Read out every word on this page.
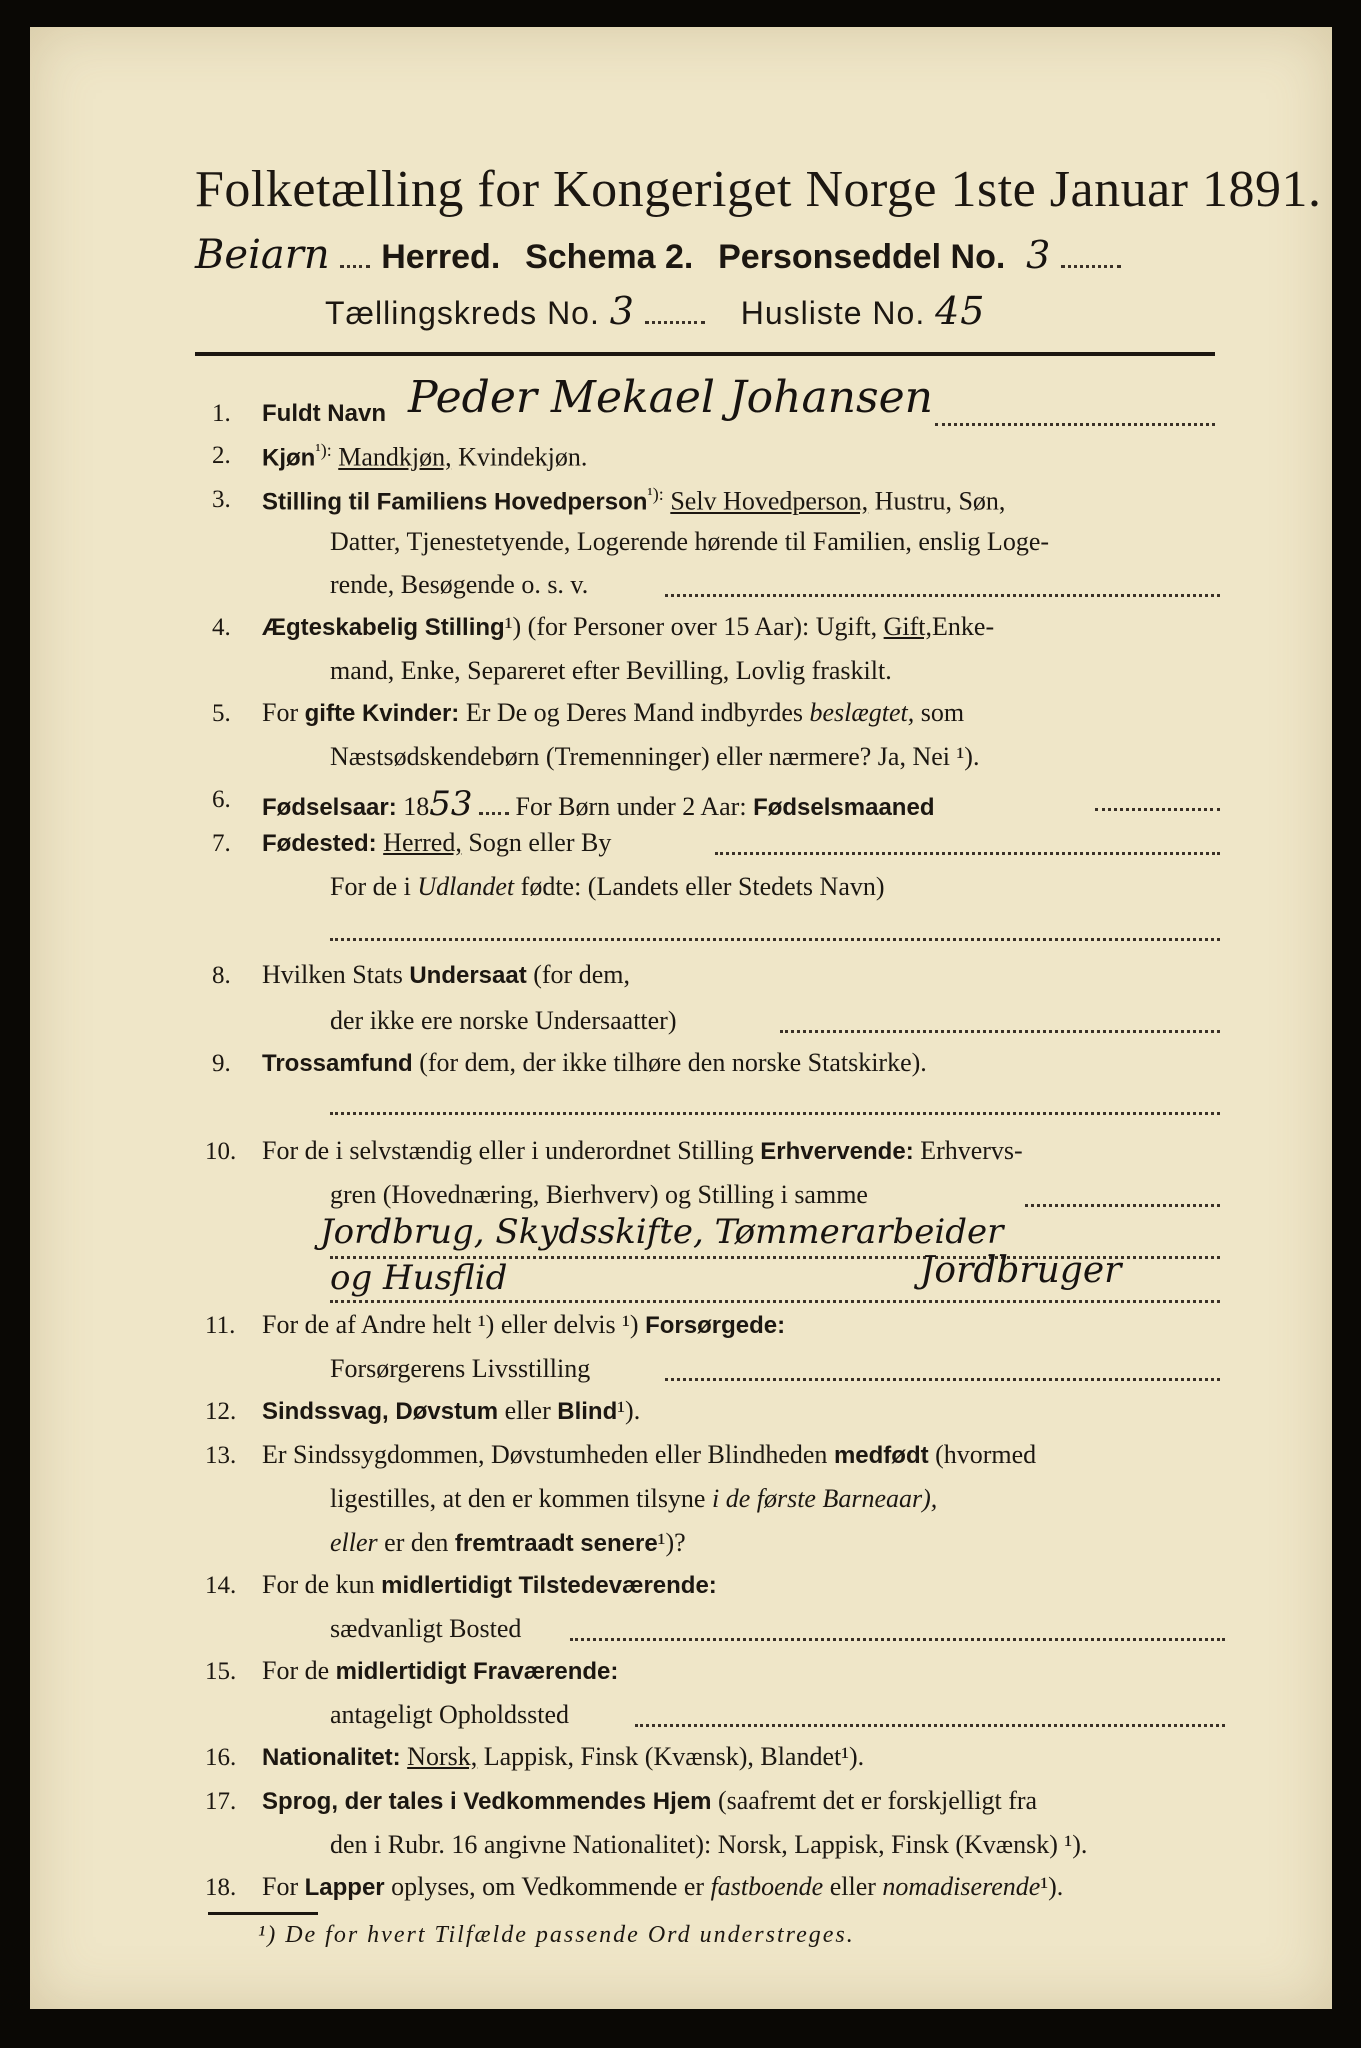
Folketælling for Kongeriget Norge 1ste Januar 1891.
Beiarn Herred. Schema 2. Personseddel No. 3
Tællingskreds No. 3	Husliste No. 45
1. Fuldt Navn Peder Mekael Johansen
2. Kjøn$^{^1):}$ Mandkjøn, Kvindekjøn.
3. Stilling til Familiens Hovedperson$^{^1):}$ Selv Hovedperson, Hustru, Søn,
Datter, Tjenestetyende, Logerende hørende til Familien, enslig Loge-
rende, Besøgende o. s. v.
4. Ægteskabelig Stilling¹) (for Personer over 15 Aar): Ugift, Gift,Enke-
mand, Enke, Separeret efter Bevilling, Lovlig fraskilt.
5. For gifte Kvinder: Er De og Deres Mand indbyrdes beslægtet, som
Næstsødskendebørn (Tremenninger) eller nærmere? Ja, Nei ¹).
6. Fødselsaar: 1853 For Børn under 2 Aar: Fødselsmaaned
7. Fødested: Herred, Sogn eller By
For de i Udlandet fødte: (Landets eller Stedets Navn)
8. Hvilken Stats Undersaat (for dem,
der ikke ere norske Undersaatter)
9. Trossamfund (for dem, der ikke tilhøre den norske Statskirke).
10. For de i selvstændig eller i underordnet Stilling Erhvervende: Erhvervs-
gren (Hovednæring, Bierhverv) og Stilling i samme
Jordbrug, Skydsskifte, Tømmerarbeider
og Husflid	Jordbruger
11. For de af Andre helt ¹) eller delvis ¹) Forsørgede:
Forsørgerens Livsstilling
12. Sindssvag, Døvstum eller Blind¹).
13. Er Sindssygdommen, Døvstumheden eller Blindheden medfødt (hvormed
ligestilles, at den er kommen tilsyne i de første Barneaar),
eller er den fremtraadt senere¹)?
14. For de kun midlertidigt Tilstedeværende:
sædvanligt Bosted
15. For de midlertidigt Fraværende:
antageligt Opholdssted
16. Nationalitet: Norsk, Lappisk, Finsk (Kvænsk), Blandet¹).
17. Sprog, der tales i Vedkommendes Hjem (saafremt det er forskjelligt fra
den i Rubr. 16 angivne Nationalitet): Norsk, Lappisk, Finsk (Kvænsk) ¹).
18. For Lapper oplyses, om Vedkommende er fastboende eller nomadiserende¹).
¹) De for hvert Tilfælde passende Ord understreges.
